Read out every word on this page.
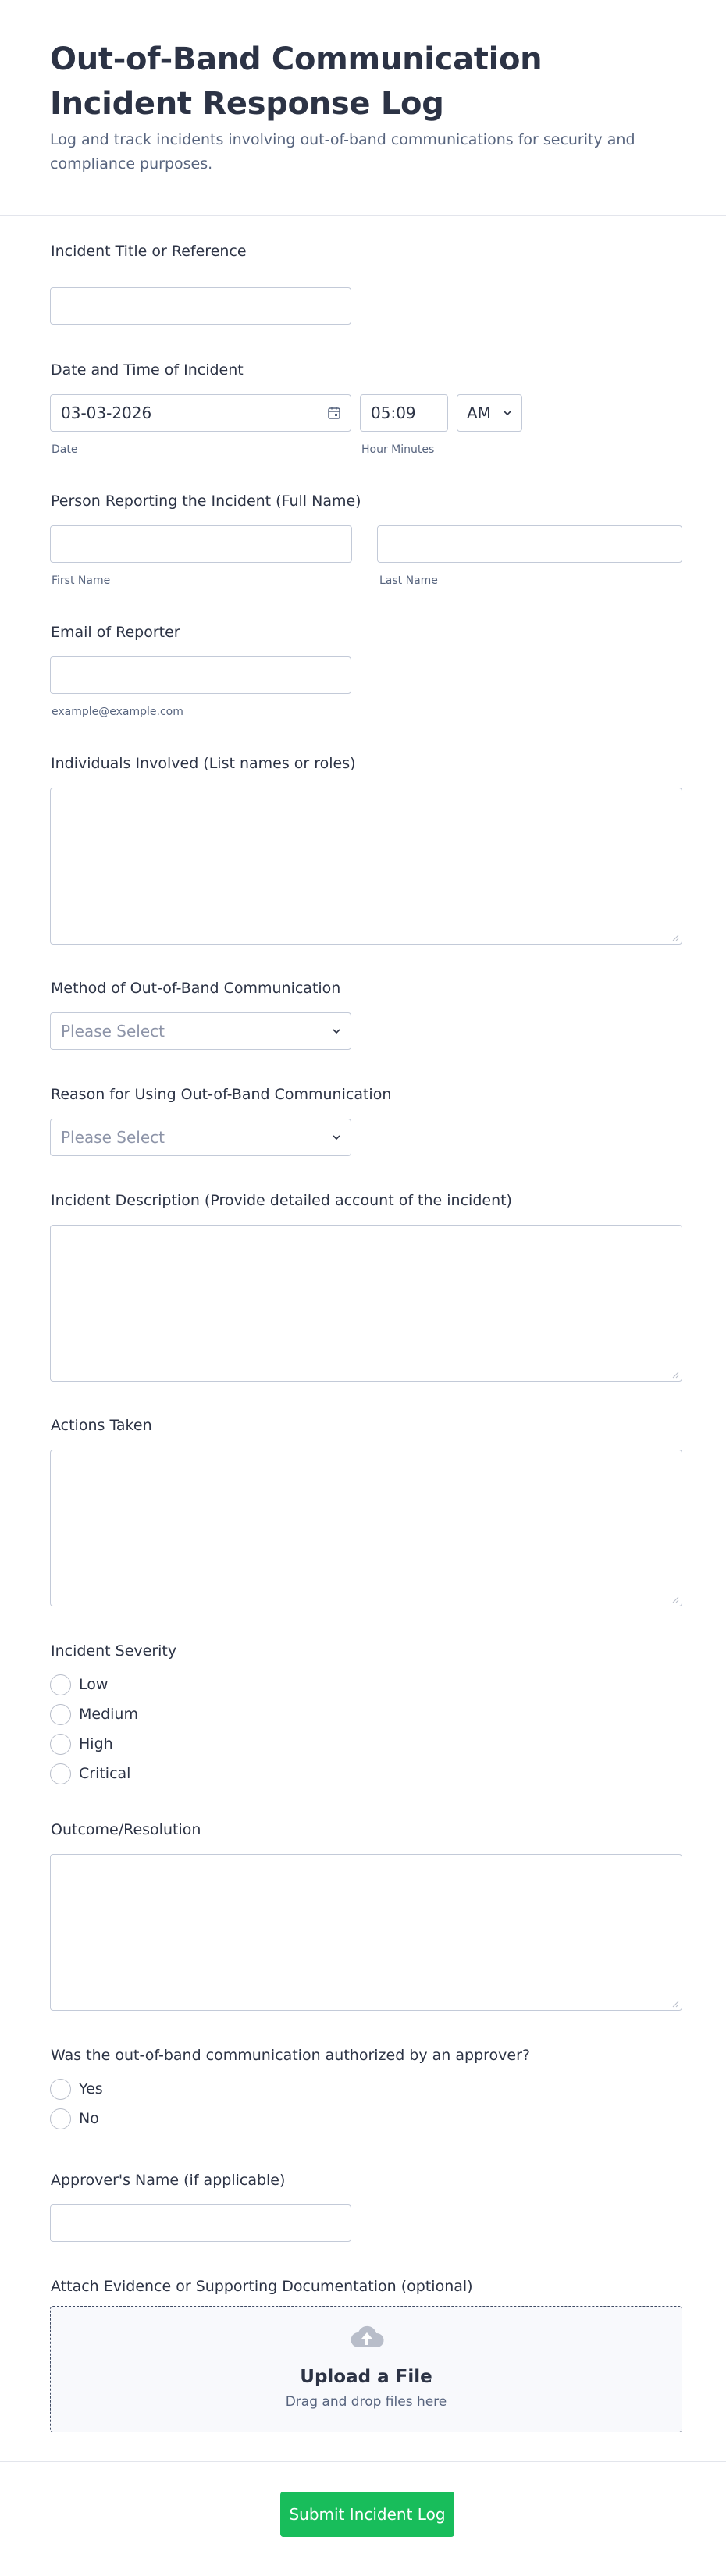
Out-of-Band Communication Incident Response Log
Log and track incidents involving out-of-band communications for security and compliance purposes.
Incident Title or Reference
Date and Time of Incident
03-03-2026
Date
05:09
Hour Minutes
AM
Person Reporting the Incident (Full Name)
First Name	Last Name
Email of Reporter
example@example.com
Individuals Involved (List names or roles)
Method of Out-of-Band Communication
Please Select
Reason for Using Out-of-Band Communication
Please Select
Incident Description (Provide detailed account of the incident)
Actions Taken
Incident Severity
Low
Medium
High
Critical
Outcome/Resolution
Was the out-of-band communication authorized by an approver?
Yes
No
Approver's Name (if applicable)
Attach Evidence or Supporting Documentation (optional)
Upload a File
Drag and drop files here
Submit Incident Log
